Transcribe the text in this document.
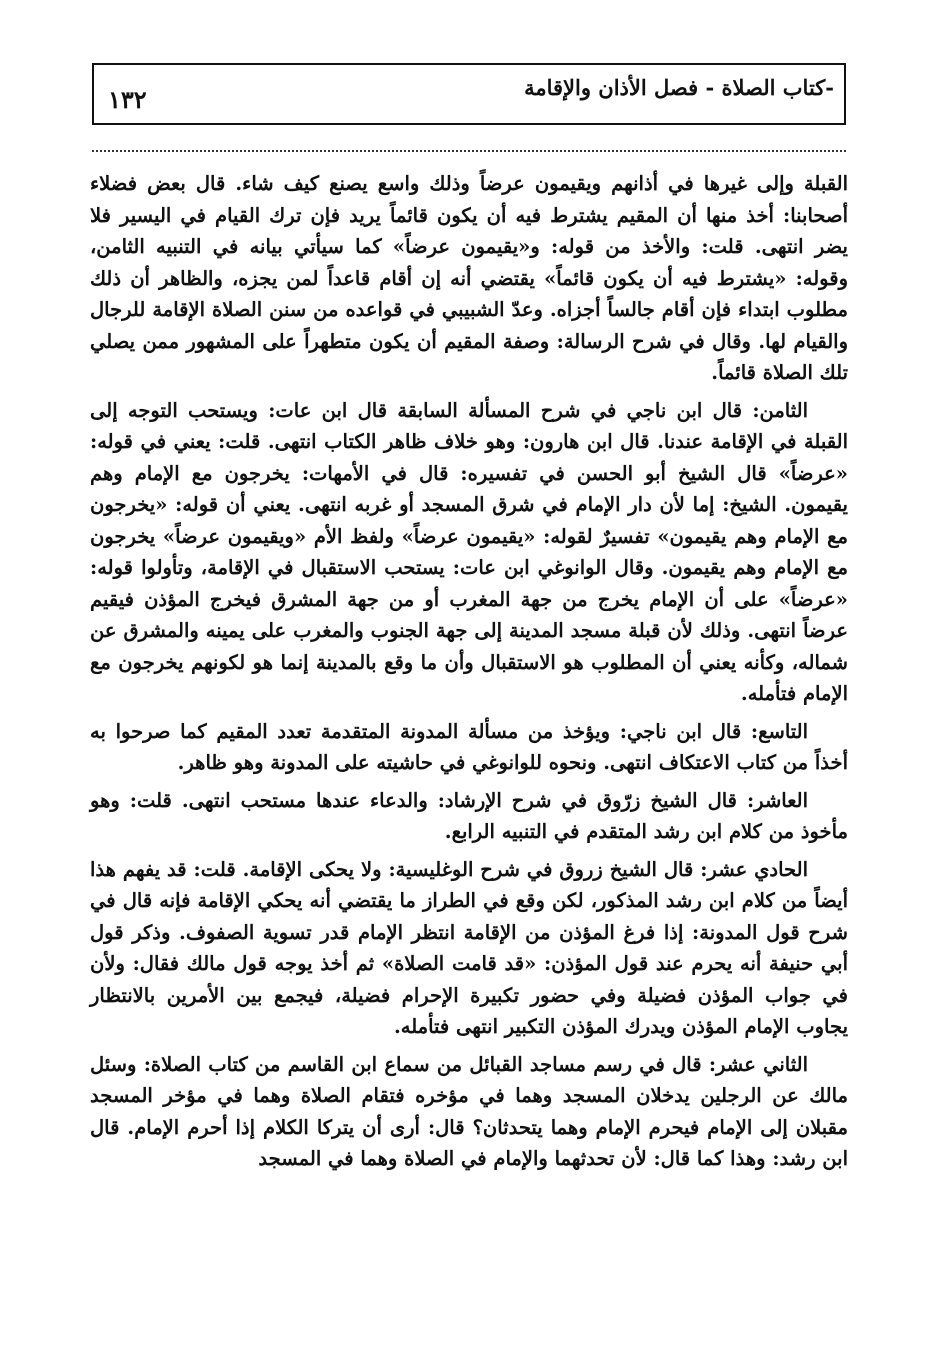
-كتاب الصلاة - فصل الأذان والإقامة
١٣٢

القبلة وإلى غيرها في أذانهم ويقيمون عرضاً وذلك واسع يصنع كيف شاء. قال بعض فضلاء أصحابنا: أخذ منها أن المقيم يشترط فيه أن يكون قائماً يريد فإن ترك القيام في اليسير فلا يضر انتهى. قلت: والأخذ من قوله: و«يقيمون عرضاً» كما سيأتي بيانه في التنبيه الثامن، وقوله: «يشترط فيه أن يكون قائماً» يقتضي أنه إن أقام قاعداً لمن يجزه، والظاهر أن ذلك مطلوب ابتداء فإن أقام جالساً أجزاه. وعدّ الشبيبي في قواعده من سنن الصلاة الإقامة للرجال والقيام لها. وقال في شرح الرسالة: وصفة المقيم أن يكون متطهراً على المشهور ممن يصلي تلك الصلاة قائماً.

الثامن: قال ابن ناجي في شرح المسألة السابقة قال ابن عات: ويستحب التوجه إلى القبلة في الإقامة عندنا. قال ابن هارون: وهو خلاف ظاهر الكتاب انتهى. قلت: يعني في قوله: «عرضاً» قال الشيخ أبو الحسن في تفسيره: قال في الأمهات: يخرجون مع الإمام وهم يقيمون. الشيخ: إما لأن دار الإمام في شرق المسجد أو غربه انتهى. يعني أن قوله: «يخرجون مع الإمام وهم يقيمون» تفسيرٌ لقوله: «يقيمون عرضاً» ولفظ الأم «ويقيمون عرضاً» يخرجون مع الإمام وهم يقيمون. وقال الوانوغي ابن عات: يستحب الاستقبال في الإقامة، وتأولوا قوله: «عرضاً» على أن الإمام يخرج من جهة المغرب أو من جهة المشرق فيخرج المؤذن فيقيم عرضاً انتهى. وذلك لأن قبلة مسجد المدينة إلى جهة الجنوب والمغرب على يمينه والمشرق عن شماله، وكأنه يعني أن المطلوب هو الاستقبال وأن ما وقع بالمدينة إنما هو لكونهم يخرجون مع الإمام فتأمله.

التاسع: قال ابن ناجي: ويؤخذ من مسألة المدونة المتقدمة تعدد المقيم كما صرحوا به أخذاً من كتاب الاعتكاف انتهى. ونحوه للوانوغي في حاشيته على المدونة وهو ظاهر.

العاشر: قال الشيخ زرّوق في شرح الإرشاد: والدعاء عندها مستحب انتهى. قلت: وهو مأخوذ من كلام ابن رشد المتقدم في التنبيه الرابع.

الحادي عشر: قال الشيخ زروق في شرح الوغليسية: ولا يحكى الإقامة. قلت: قد يفهم هذا أيضاً من كلام ابن رشد المذكور، لكن وقع في الطراز ما يقتضي أنه يحكي الإقامة فإنه قال في شرح قول المدونة: إذا فرغ المؤذن من الإقامة انتظر الإمام قدر تسوية الصفوف. وذكر قول أبي حنيفة أنه يحرم عند قول المؤذن: «قد قامت الصلاة» ثم أخذ يوجه قول مالك فقال: ولأن في جواب المؤذن فضيلة وفي حضور تكبيرة الإحرام فضيلة، فيجمع بين الأمرين بالانتظار يجاوب الإمام المؤذن ويدرك المؤذن التكبير انتهى فتأمله.

الثاني عشر: قال في رسم مساجد القبائل من سماع ابن القاسم من كتاب الصلاة: وسئل مالك عن الرجلين يدخلان المسجد وهما في مؤخره فتقام الصلاة وهما في مؤخر المسجد مقبلان إلى الإمام فيحرم الإمام وهما يتحدثان؟ قال: أرى أن يتركا الكلام إذا أحرم الإمام. قال ابن رشد: وهذا كما قال: لأن تحدثهما والإمام في الصلاة وهما في المسجد
